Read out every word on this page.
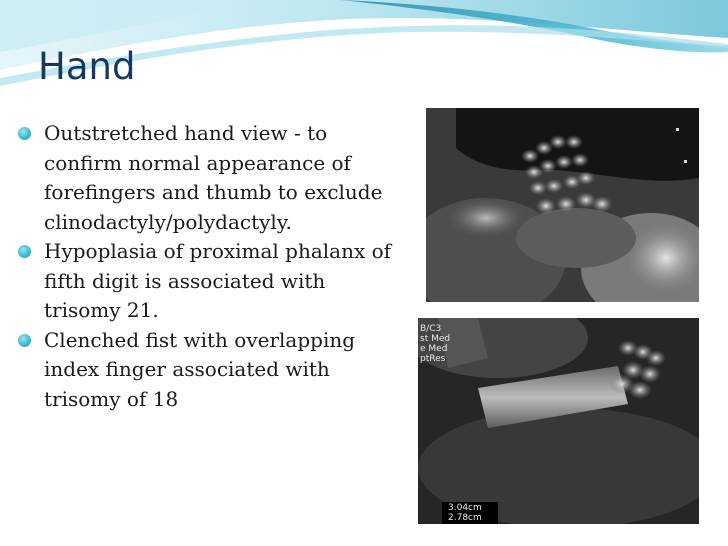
Hand
Outstretched hand view - to confirm normal appearance of forefingers and thumb to exclude clinodactyly/polydactyly.
Hypoplasia of proximal phalanx of fifth digit is associated with trisomy 21.
Clenched fist with overlapping index finger associated with trisomy of 18
B/C3
st Med
e Med
ptRes
3.04cm
2.78cm
